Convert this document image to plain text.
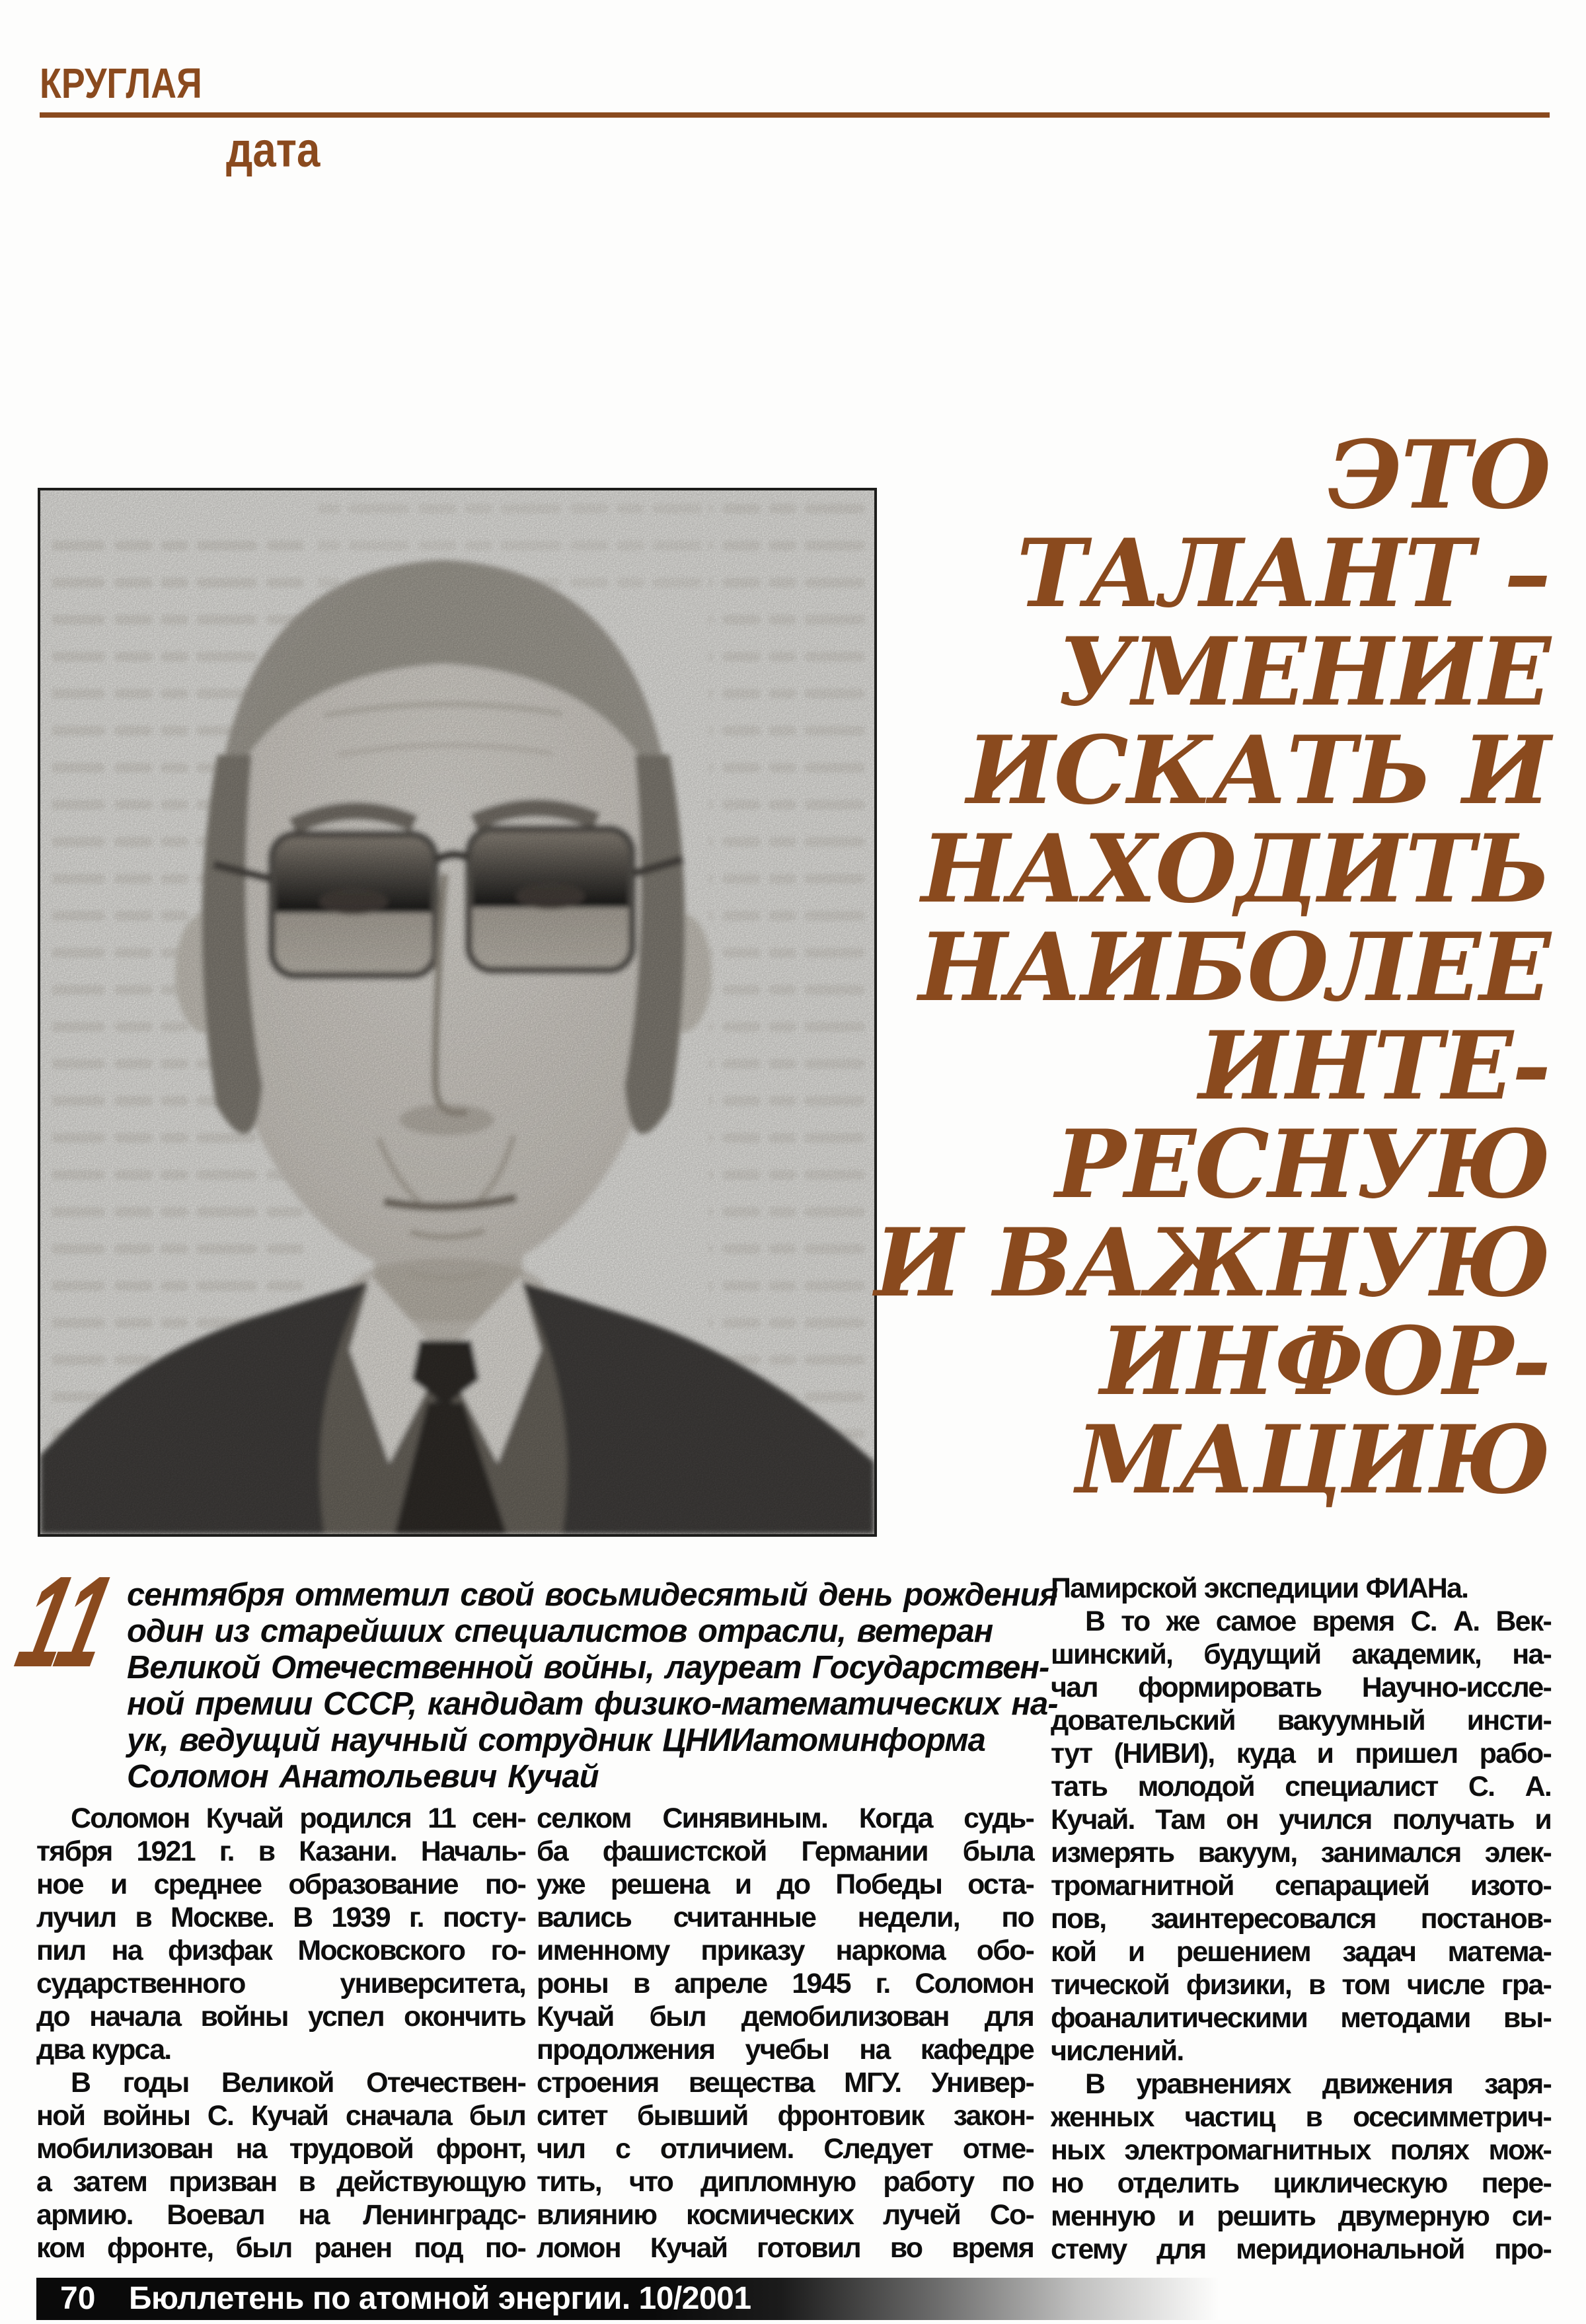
КРУГЛАЯ
дата
ЭТО
ТАЛАНТ –
УМЕНИЕ
ИСКАТЬ И
НАХОДИТЬ
НАИБОЛЕЕ
ИНТЕ-
РЕСНУЮ
И ВАЖНУЮ
ИНФОР-
МАЦИЮ
11 сентября отметил свой восьмидесятый день рождения
один из старейших специалистов отрасли, ветеран
Великой Отечественной войны, лауреат Государствен-
ной премии СССР, кандидат физико-математических на-
ук, ведущий научный сотрудник ЦНИИатоминформа
Соломон Анатольевич Кучай
Соломон Кучай родился 11 сен-
тября 1921 г. в Казани. Началь-
ное и среднее образование по-
лучил в Москве. В 1939 г. посту-
пил на физфак Московского го-
сударственного университета,
до начала войны успел окончить
два курса.
В годы Великой Отечествен-
ной войны С. Кучай сначала был
мобилизован на трудовой фронт,
а затем призван в действующую
армию. Воевал на Ленинградс-
ком фронте, был ранен под по-
селком Синявиным. Когда судь-
ба фашистской Германии была
уже решена и до Победы оста-
вались считанные недели, по
именному приказу наркома обо-
роны в апреле 1945 г. Соломон
Кучай был демобилизован для
продолжения учебы на кафедре
строения вещества МГУ. Универ-
ситет бывший фронтовик закон-
чил с отличием. Следует отме-
тить, что дипломную работу по
влиянию космических лучей Со-
ломон Кучай готовил во время
Памирской экспедиции ФИАНа.
В то же самое время С. А. Век-
шинский, будущий академик, на-
чал формировать Научно-иссле-
довательский вакуумный инсти-
тут (НИВИ), куда и пришел рабо-
тать молодой специалист С. А.
Кучай. Там он учился получать и
измерять вакуум, занимался элек-
тромагнитной сепарацией изото-
пов, заинтересовался постанов-
кой и решением задач матема-
тической физики, в том числе гра-
фоаналитическими методами вы-
числений.
В уравнениях движения заря-
женных частиц в осесимметрич-
ных электромагнитных полях мож-
но отделить циклическую пере-
менную и решить двумерную си-
стему для меридиональной про-
70 Бюллетень по атомной энергии. 10/2001
